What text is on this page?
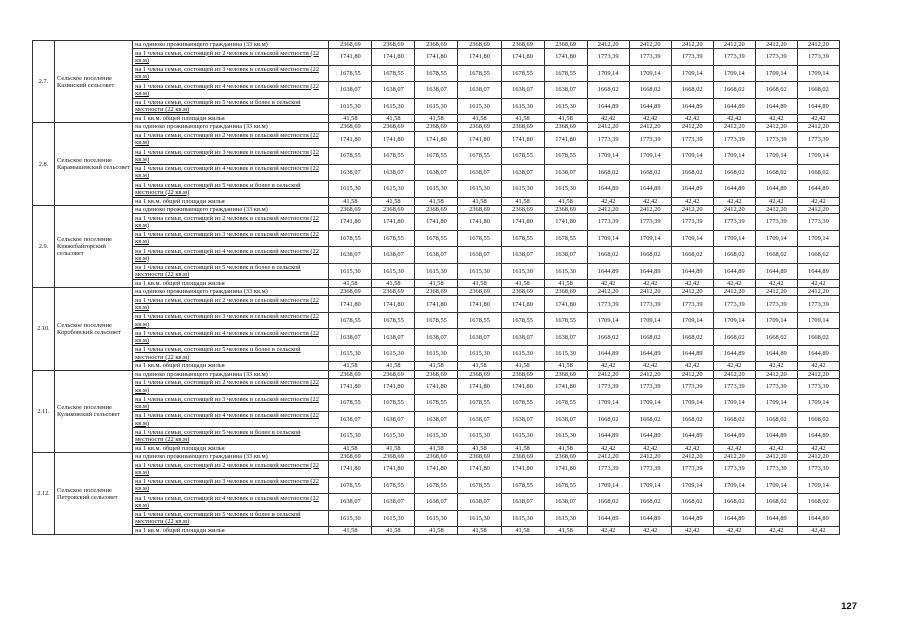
2.7.	Сельское поселение Казинский сельсовет	на одиноко проживающего гражданина (33 кв.м)	2368,69	2368,69	2368,69	2368,69	2368,69	2368,69	2412,20	2412,20	2412,20	2412,20	2412,20	2412,20
		на 1 члена семьи, состоящей из 2 человек в сельской местности (22 кв.м)	1741,80	1741,80	1741,80	1741,80	1741,80	1741,80	1773,39	1773,39	1773,39	1773,39	1773,39	1773,39
		на 1 члена семьи, состоящей из 3 человек в сельской местности (22 кв.м)	1678,55	1678,55	1678,55	1678,55	1678,55	1678,55	1709,14	1709,14	1709,14	1709,14	1709,14	1709,14
		на 1 члена семьи, состоящей из 4 человек в сельской местности (22 кв.м)	1638,07	1638,07	1638,07	1638,07	1638,07	1638,07	1668,02	1668,02	1668,02	1668,02	1668,02	1668,02
		на 1 члена семьи, состоящей из 5 человек и более в сельской местности (22 кв.м)	1615,30	1615,30	1615,30	1615,30	1615,30	1615,30	1644,89	1644,89	1644,89	1644,89	1644,89	1644,89
		на 1 кв.м. общей площади жилья	41,58	41,58	41,58	41,58	41,58	41,58	42,42	42,42	42,42	42,42	42,42	42,42
2.8.	Сельское поселение Карамышевский сельсовет	на одиноко проживающего гражданина (33 кв.м)	2368,69	2368,69	2368,69	2368,69	2368,69	2368,69	2412,20	2412,20	2412,20	2412,20	2412,20	2412,20
		на 1 члена семьи, состоящей из 2 человек в сельской местности (22 кв.м)	1741,80	1741,80	1741,80	1741,80	1741,80	1741,80	1773,39	1773,39	1773,39	1773,39	1773,39	1773,39
		на 1 члена семьи, состоящей из 3 человек в сельской местности (22 кв.м)	1678,55	1678,55	1678,55	1678,55	1678,55	1678,55	1709,14	1709,14	1709,14	1709,14	1709,14	1709,14
		на 1 члена семьи, состоящей из 4 человек в сельской местности (22 кв.м)	1638,07	1638,07	1638,07	1638,07	1638,07	1638,07	1668,02	1668,02	1668,02	1668,02	1668,02	1668,02
		на 1 члена семьи, состоящей из 5 человек и более в сельской местности (22 кв.м)	1615,30	1615,30	1615,30	1615,30	1615,30	1615,30	1644,89	1644,89	1644,89	1644,89	1644,89	1644,89
		на 1 кв.м. общей площади жилья	41,58	41,58	41,58	41,58	41,58	41,58	42,42	42,42	42,42	42,42	42,42	42,42
2.9.	Сельское поселение Княжебайгорский сельсовет	на одиноко проживающего гражданина (33 кв.м)	2368,69	2368,69	2368,69	2368,69	2368,69	2368,69	2412,20	2412,20	2412,20	2412,20	2412,20	2412,20
		на 1 члена семьи, состоящей из 2 человек в сельской местности (22 кв.м)	1741,80	1741,80	1741,80	1741,80	1741,80	1741,80	1773,39	1773,39	1773,39	1773,39	1773,39	1773,39
		на 1 члена семьи, состоящей из 3 человек в сельской местности (22 кв.м)	1678,55	1678,55	1678,55	1678,55	1678,55	1678,55	1709,14	1709,14	1709,14	1709,14	1709,14	1709,14
		на 1 члена семьи, состоящей из 4 человек в сельской местности (22 кв.м)	1638,07	1638,07	1638,07	1638,07	1638,07	1638,07	1668,02	1668,02	1668,02	1668,02	1668,02	1668,62
		на 1 члена семьи, состоящей из 5 человек и более в сельской местности (22 кв.м)	1615,30	1615,30	1615,30	1615,30	1615,30	1615,30	1644,89	1644,89	1644,89	1644,89	1644,89	1644,89
		на 1 кв.м. общей площади жилья	41,58	41,58	41,58	41,58	41,58	41,58	42,42	42,42	42,42	42,42	42,42	42,42
2.10.	Сельское поселение Коробовский сельсовет	на одиноко проживающего гражданина (33 кв.м)	2368,69	2368,69	2368,69	2368,69	2368,69	2368,69	2412,20	2412,20	2412,20	2412,20	2412,20	2412,20
		на 1 члена семьи, состоящей из 2 человек в сельской местности (22 кв.м)	1741,80	1741,80	1741,80	1741,80	1741,80	1741,80	1773,39	1773,39	1773,39	1773,39	1773,39	1773,39
		на 1 члена семьи, состоящей из 3 человек в сельской местности (22 кв.м)	1678,55	1678,55	1678,55	1678,55	1678,55	1678,55	1709,14	1709,14	1709,14	1709,14	1709,14	1709,14
		на 1 члена семьи, состоящей из 4 человек в сельской местности (22 кв.м)	1638,07	1638,07	1638,07	1638,07	1638,07	1638,07	1668,02	1668,02	1668,02	1668,02	1668,02	1668,02
		на 1 члена семьи, состоящей из 5 человек и более в сельской местности (22 кв.м)	1615,30	1615,30	1615,30	1615,30	1615,30	1615,30	1644,89	1644,89	1644,89	1644,89	1644,89	1644,89
		на 1 кв.м. общей площади жилья	41,58	41,58	41,58	41,58	41,58	41,58	42,42	42,42	42,42	42,42	42,42	42,42
2.11.	Сельское поселение Куликовский сельсовет	на одиноко проживающего гражданина (33 кв.м)	2368,69	2368,69	2368,69	2368,69	2368,69	2368,69	2412,20	2412,20	2412,20	2412,20	2412,20	2412,20
		на 1 члена семьи, состоящей из 2 человек в сельской местности (22 кв.м)	1741,80	1741,80	1741,80	1741,80	1741,80	1741,80	1773,39	1773,39	1773,39	1773,39	1773,39	1773,39
		на 1 члена семьи, состоящей из 3 человек в сельской местности (22 кв.м)	1678,55	1678,55	1678,55	1678,55	1678,55	1678,55	1709,14	1709,14	1709,14	1709,14	1709,14	1709,14
		на 1 члена семьи, состоящей из 4 человек в сельской местности (22 кв.м)	1638,07	1638,07	1638,07	1638,07	1638,07	1638,07	1668,02	1668,02	1668,02	1668,02	1668,02	1668,02
		на 1 члена семьи, состоящей из 5 человек и более в сельской местности (22 кв.м)	1615,30	1615,30	1615,30	1615,30	1615,30	1615,30	1644,89	1644,89	1644,89	1644,89	1644,89	1644,89
		на 1 кв.м. общей площади жилья	41,58	41,58	41,58	41,58	41,58	41,58	42,42	42,42	42,42	42,42	42,42	42,42
2.12.	Сельское поселение Петровский сельсовет	на одиноко проживающего гражданина (33 кв.м)	2368,69	2368,69	2368,69	2368,69	2368,69	2368,69	2412,20	2412,20	2412,20	2412,20	2412,20	2412,20
		на 1 члена семьи, состоящей из 2 человек в сельской местности (22 кв.м)	1741,80	1741,80	1741,80	1741,80	1741,80	1741,80	1773,39	1773,39	1773,39	1773,39	1773,39	1773,39
		на 1 члена семьи, состоящей из 3 человек в сельской местности (22 кв.м)	1678,55	1678,55	1678,55	1678,55	1678,55	1678,55	1709,14	1709,14	1709,14	1709,14	1709,14	1709,14
		на 1 члена семьи, состоящей из 4 человек в сельской местности (22 кв.м)	1638,07	1638,07	1638,07	1638,07	1638,07	1638,07	1668,02	1668,02	1668,02	1668,02	1668,02	1668,02
		на 1 члена семьи, состоящей из 5 человек и более в сельской местности (22 кв.м)	1615,30	1615,30	1615,30	1615,30	1615,30	1615,30	1644,89	1644,89	1644,89	1644,89	1644,89	1644,89
		на 1 кв.м. общей площади жилья	41,58	41,58	41,58	41,58	41,58	41,58	42,42	42,42	42,42	42,42	42,42	42,42
127
